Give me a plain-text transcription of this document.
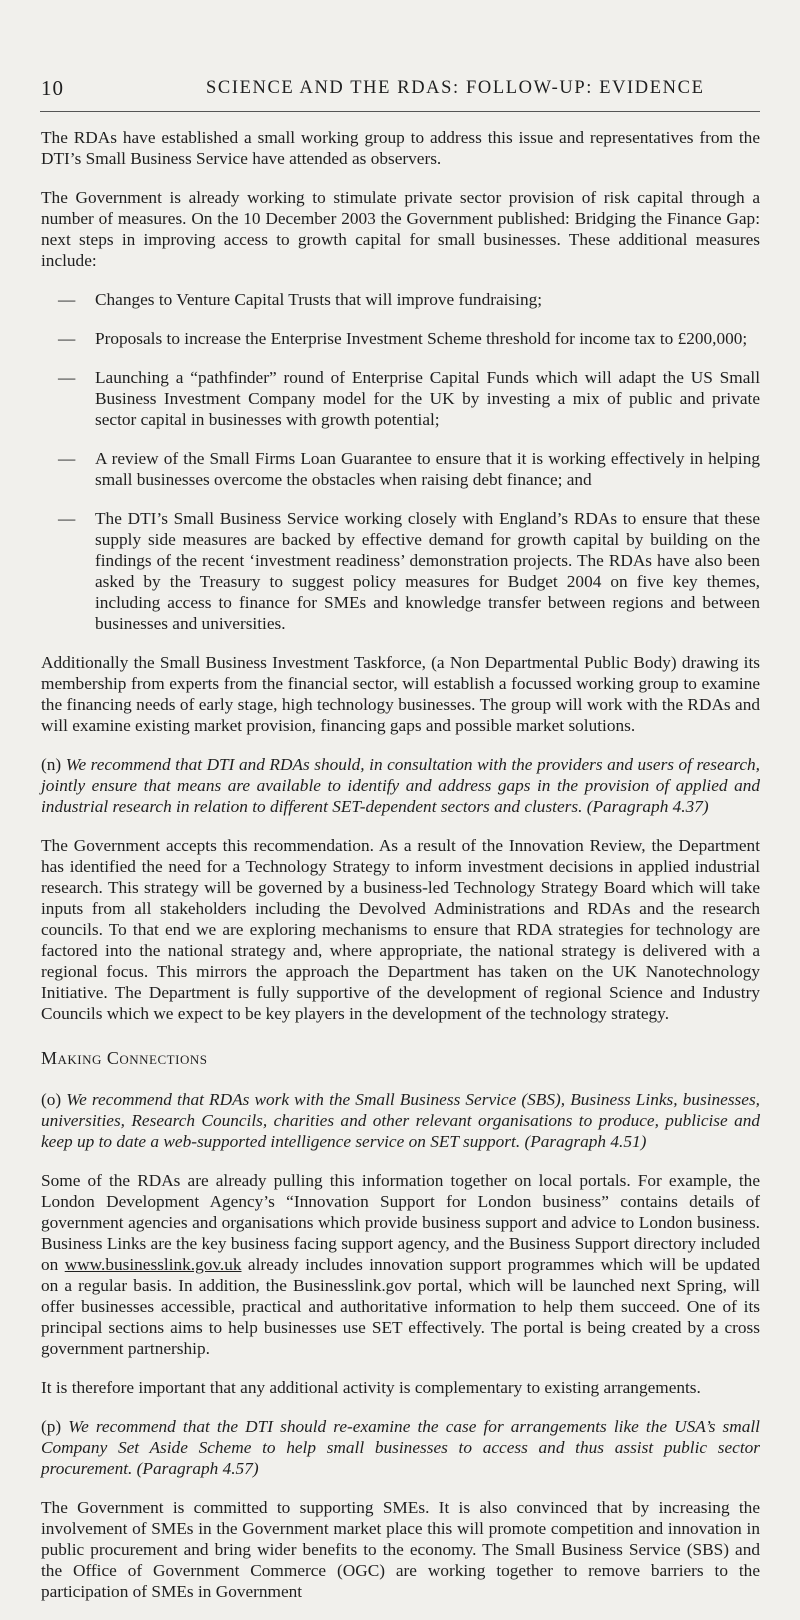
10	SCIENCE AND THE RDAS: FOLLOW-UP: EVIDENCE

The RDAs have established a small working group to address this issue and representatives from the DTI’s Small Business Service have attended as observers.

The Government is already working to stimulate private sector provision of risk capital through a number of measures. On the 10 December 2003 the Government published: Bridging the Finance Gap: next steps in improving access to growth capital for small businesses. These additional measures include:

—	Changes to Venture Capital Trusts that will improve fundraising;
—	Proposals to increase the Enterprise Investment Scheme threshold for income tax to £200,000;
—	Launching a “pathfinder” round of Enterprise Capital Funds which will adapt the US Small Business Investment Company model for the UK by investing a mix of public and private sector capital in businesses with growth potential;
—	A review of the Small Firms Loan Guarantee to ensure that it is working effectively in helping small businesses overcome the obstacles when raising debt finance; and
—	The DTI’s Small Business Service working closely with England’s RDAs to ensure that these supply side measures are backed by effective demand for growth capital by building on the findings of the recent ‘investment readiness’ demonstration projects. The RDAs have also been asked by the Treasury to suggest policy measures for Budget 2004 on five key themes, including access to finance for SMEs and knowledge transfer between regions and between businesses and universities.

Additionally the Small Business Investment Taskforce, (a Non Departmental Public Body) drawing its membership from experts from the financial sector, will establish a focussed working group to examine the financing needs of early stage, high technology businesses. The group will work with the RDAs and will examine existing market provision, financing gaps and possible market solutions.

(n) We recommend that DTI and RDAs should, in consultation with the providers and users of research, jointly ensure that means are available to identify and address gaps in the provision of applied and industrial research in relation to different SET-dependent sectors and clusters. (Paragraph 4.37)

The Government accepts this recommendation. As a result of the Innovation Review, the Department has identified the need for a Technology Strategy to inform investment decisions in applied industrial research. This strategy will be governed by a business-led Technology Strategy Board which will take inputs from all stakeholders including the Devolved Administrations and RDAs and the research councils. To that end we are exploring mechanisms to ensure that RDA strategies for technology are factored into the national strategy and, where appropriate, the national strategy is delivered with a regional focus. This mirrors the approach the Department has taken on the UK Nanotechnology Initiative. The Department is fully supportive of the development of regional Science and Industry Councils which we expect to be key players in the development of the technology strategy.

Making Connections

(o) We recommend that RDAs work with the Small Business Service (SBS), Business Links, businesses, universities, Research Councils, charities and other relevant organisations to produce, publicise and keep up to date a web-supported intelligence service on SET support. (Paragraph 4.51)

Some of the RDAs are already pulling this information together on local portals. For example, the London Development Agency’s “Innovation Support for London business” contains details of government agencies and organisations which provide business support and advice to London business. Business Links are the key business facing support agency, and the Business Support directory included on www.businesslink.gov.uk already includes innovation support programmes which will be updated on a regular basis. In addition, the Businesslink.gov portal, which will be launched next Spring, will offer businesses accessible, practical and authoritative information to help them succeed. One of its principal sections aims to help businesses use SET effectively. The portal is being created by a cross government partnership.

It is therefore important that any additional activity is complementary to existing arrangements.

(p) We recommend that the DTI should re-examine the case for arrangements like the USA’s small Company Set Aside Scheme to help small businesses to access and thus assist public sector procurement. (Paragraph 4.57)

The Government is committed to supporting SMEs. It is also convinced that by increasing the involvement of SMEs in the Government market place this will promote competition and innovation in public procurement and bring wider benefits to the economy. The Small Business Service (SBS) and the Office of Government Commerce (OGC) are working together to remove barriers to the participation of SMEs in Government
